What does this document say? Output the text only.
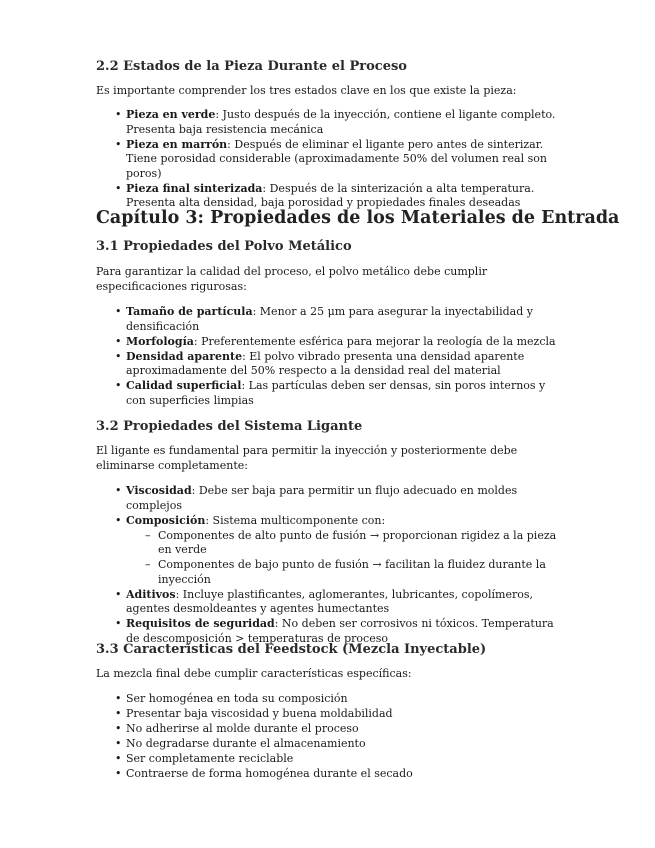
2.2 Estados de la Pieza Durante el Proceso

Es importante comprender los tres estados clave en los que existe la pieza:

• Pieza en verde: Justo después de la inyección, contiene el ligante completo. Presenta baja resistencia mecánica
• Pieza en marrón: Después de eliminar el ligante pero antes de sinterizar. Tiene porosidad considerable (aproximadamente 50% del volumen real son poros)
• Pieza final sinterizada: Después de la sinterización a alta temperatura. Presenta alta densidad, baja porosidad y propiedades finales deseadas
Capítulo 3: Propiedades de los Materiales de Entrada
3.1 Propiedades del Polvo Metálico

Para garantizar la calidad del proceso, el polvo metálico debe cumplir especificaciones rigurosas:

• Tamaño de partícula: Menor a 25 μm para asegurar la inyectabilidad y densificación
• Morfología: Preferentemente esférica para mejorar la reología de la mezcla
• Densidad aparente: El polvo vibrado presenta una densidad aparente aproximadamente del 50% respecto a la densidad real del material
• Calidad superficial: Las partículas deben ser densas, sin poros internos y con superficies limpias
3.2 Propiedades del Sistema Ligante

El ligante es fundamental para permitir la inyección y posteriormente debe eliminarse completamente:

• Viscosidad: Debe ser baja para permitir un flujo adecuado en moldes complejos
• Composición: Sistema multicomponente con:
– Componentes de alto punto de fusión → proporcionan rigidez a la pieza en verde
– Componentes de bajo punto de fusión → facilitan la fluidez durante la inyección
• Aditivos: Incluye plastificantes, aglomerantes, lubricantes, copolímeros, agentes desmoldeantes y agentes humectantes
• Requisitos de seguridad: No deben ser corrosivos ni tóxicos. Temperatura de descomposición > temperaturas de proceso
3.3 Características del Feedstock (Mezcla Inyectable)

La mezcla final debe cumplir características específicas:

• Ser homogénea en toda su composición
• Presentar baja viscosidad y buena moldabilidad
• No adherirse al molde durante el proceso
• No degradarse durante el almacenamiento
• Ser completamente reciclable
• Contraerse de forma homogénea durante el secado
